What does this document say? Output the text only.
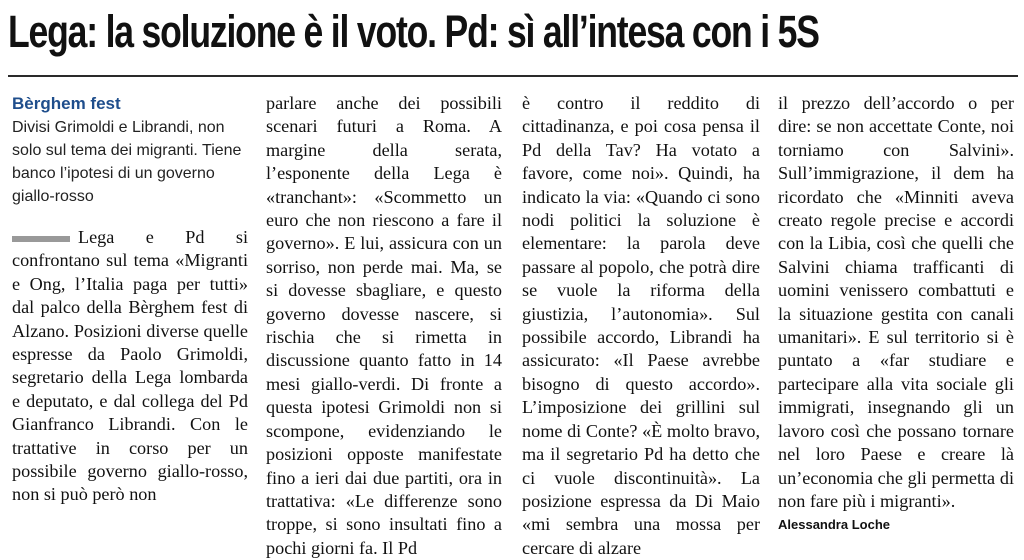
Lega: la soluzione è il voto. Pd: sì all’intesa con i 5S
Bèrghem fest
Divisi Grimoldi e Librandi, non solo sul tema dei migranti. Tiene banco l’ipotesi di un governo giallo-rosso

Lega e Pd si confrontano sul tema «Migranti e Ong, l’Italia paga per tutti» dal palco della Bèrghem fest di Alzano. Posizioni diverse quelle espresse da Paolo Grimoldi, segretario della Lega lombarda e deputato, e dal collega del Pd Gianfranco Librandi. Con le trattative in corso per un possibile governo giallo-rosso, non si può però non

parlare anche dei possibili scenari futuri a Roma. A margine della serata, l’esponente della Lega è «tranchant»: «Scommetto un euro che non riescono a fare il governo». E lui, assicura con un sorriso, non perde mai. Ma, se si dovesse sbagliare, e questo governo dovesse nascere, si rischia che si rimetta in discussione quanto fatto in 14 mesi giallo-verdi. Di fronte a questa ipotesi Grimoldi non si scompone, evidenziando le posizioni opposte manifestate fino a ieri dai due partiti, ora in trattativa: «Le differenze sono troppe, si sono insultati fino a pochi giorni fa. Il Pd

è contro il reddito di cittadinanza, e poi cosa pensa il Pd della Tav? Ha votato a favore, come noi». Quindi, ha indicato la via: «Quando ci sono nodi politici la soluzione è elementare: la parola deve passare al popolo, che potrà dire se vuole la riforma della giustizia, l’autonomia». Sul possibile accordo, Librandi ha assicurato: «Il Paese avrebbe bisogno di questo accordo». L’imposizione dei grillini sul nome di Conte? «È molto bravo, ma il segretario Pd ha detto che ci vuole discontinuità». La posizione espressa da Di Maio «mi sembra una mossa per cercare di alzare

il prezzo dell’accordo o per dire: se non accettate Conte, noi torniamo con Salvini». Sull’immigrazione, il dem ha ricordato che «Minniti aveva creato regole precise e accordi con la Libia, così che quelli che Salvini chiama trafficanti di uomini venissero combattuti e la situazione gestita con canali umanitari». E sul territorio si è puntato a «far studiare e partecipare alla vita sociale gli immigrati, insegnando gli un lavoro così che possano tornare nel loro Paese e creare là un’economia che gli permetta di non fare più i migranti».

Alessandra Loche
